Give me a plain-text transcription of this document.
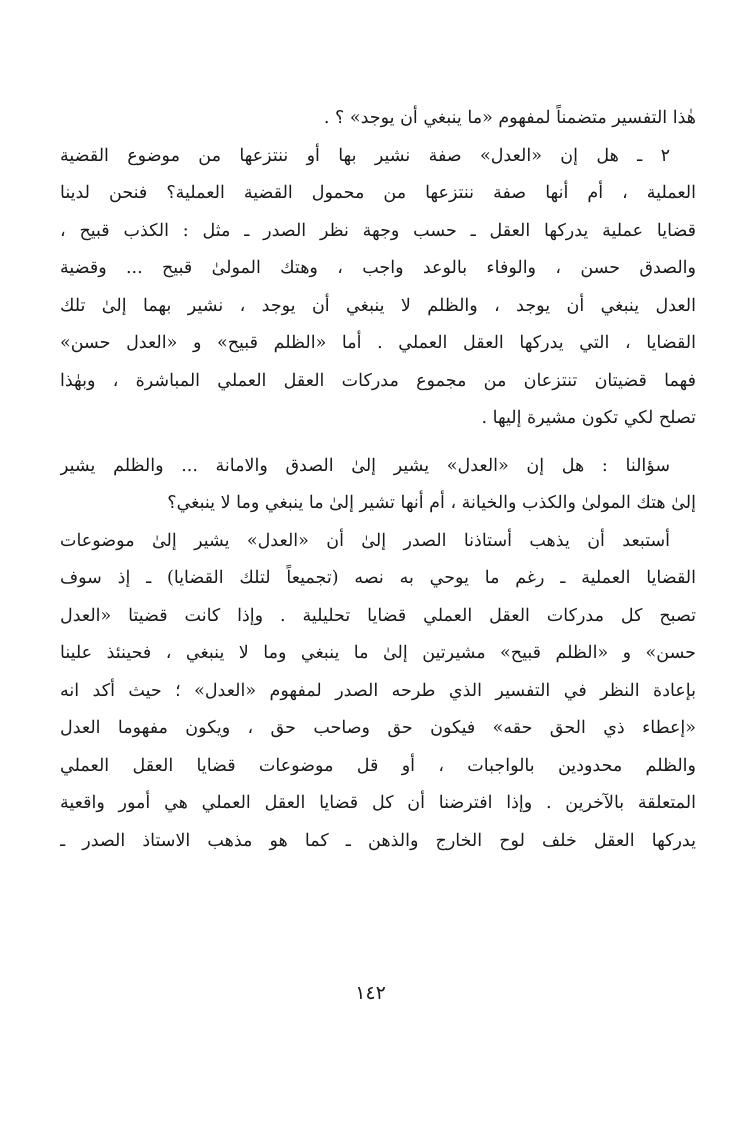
هٰذا التفسير متضمناً لمفهوم «ما ينبغي أن يوجد» ؟ .
٢ ـ هل إن «العدل» صفة نشير بها أو ننتزعها من موضوع القضية
العملية ، أم أنها صفة ننتزعها من محمول القضية العملية؟ فنحن لدينا
قضايا عملية يدركها العقل ـ حسب وجهة نظر الصدر ـ مثل : الكذب قبيح ،
والصدق حسن ، والوفاء بالوعد واجب ، وهتك المولىٰ قبيح ... وقضية
العدل ينبغي أن يوجد ، والظلم لا ينبغي أن يوجد ، نشير بهما إلىٰ تلك
القضايا ، التي يدركها العقل العملي . أما «الظلم قبيح» و «العدل حسن»
فهما قضيتان تنتزعان من مجموع مدركات العقل العملي المباشرة ، وبهٰذا
تصلح لكي تكون مشيرة إليها .
سؤالنا : هل إن «العدل» يشير إلىٰ الصدق والامانة ... والظلم يشير
إلىٰ هتك المولىٰ والكذب والخيانة ، أم أنها تشير إلىٰ ما ينبغي وما لا ينبغي؟
أستبعد أن يذهب أستاذنا الصدر إلىٰ أن «العدل» يشير إلىٰ موضوعات
القضايا العملية ـ رغم ما يوحي به نصه (تجميعاً لتلك القضايا) ـ إذ سوف
تصبح كل مدركات العقل العملي قضايا تحليلية . وإذا كانت قضيتا «العدل
حسن» و «الظلم قبيح» مشيرتين إلىٰ ما ينبغي وما لا ينبغي ، فحينئذ علينا
بإعادة النظر في التفسير الذي طرحه الصدر لمفهوم «العدل» ؛ حيث أكد انه
«إعطاء ذي الحق حقه» فيكون حق وصاحب حق ، ويكون مفهوما العدل
والظلم محدودين بالواجبات ، أو قل موضوعات قضايا العقل العملي
المتعلقة بالآخرين . وإذا افترضنا أن كل قضايا العقل العملي هي أمور واقعية
يدركها العقل خلف لوح الخارج والذهن ـ كما هو مذهب الاستاذ الصدر ـ
١٤٢
